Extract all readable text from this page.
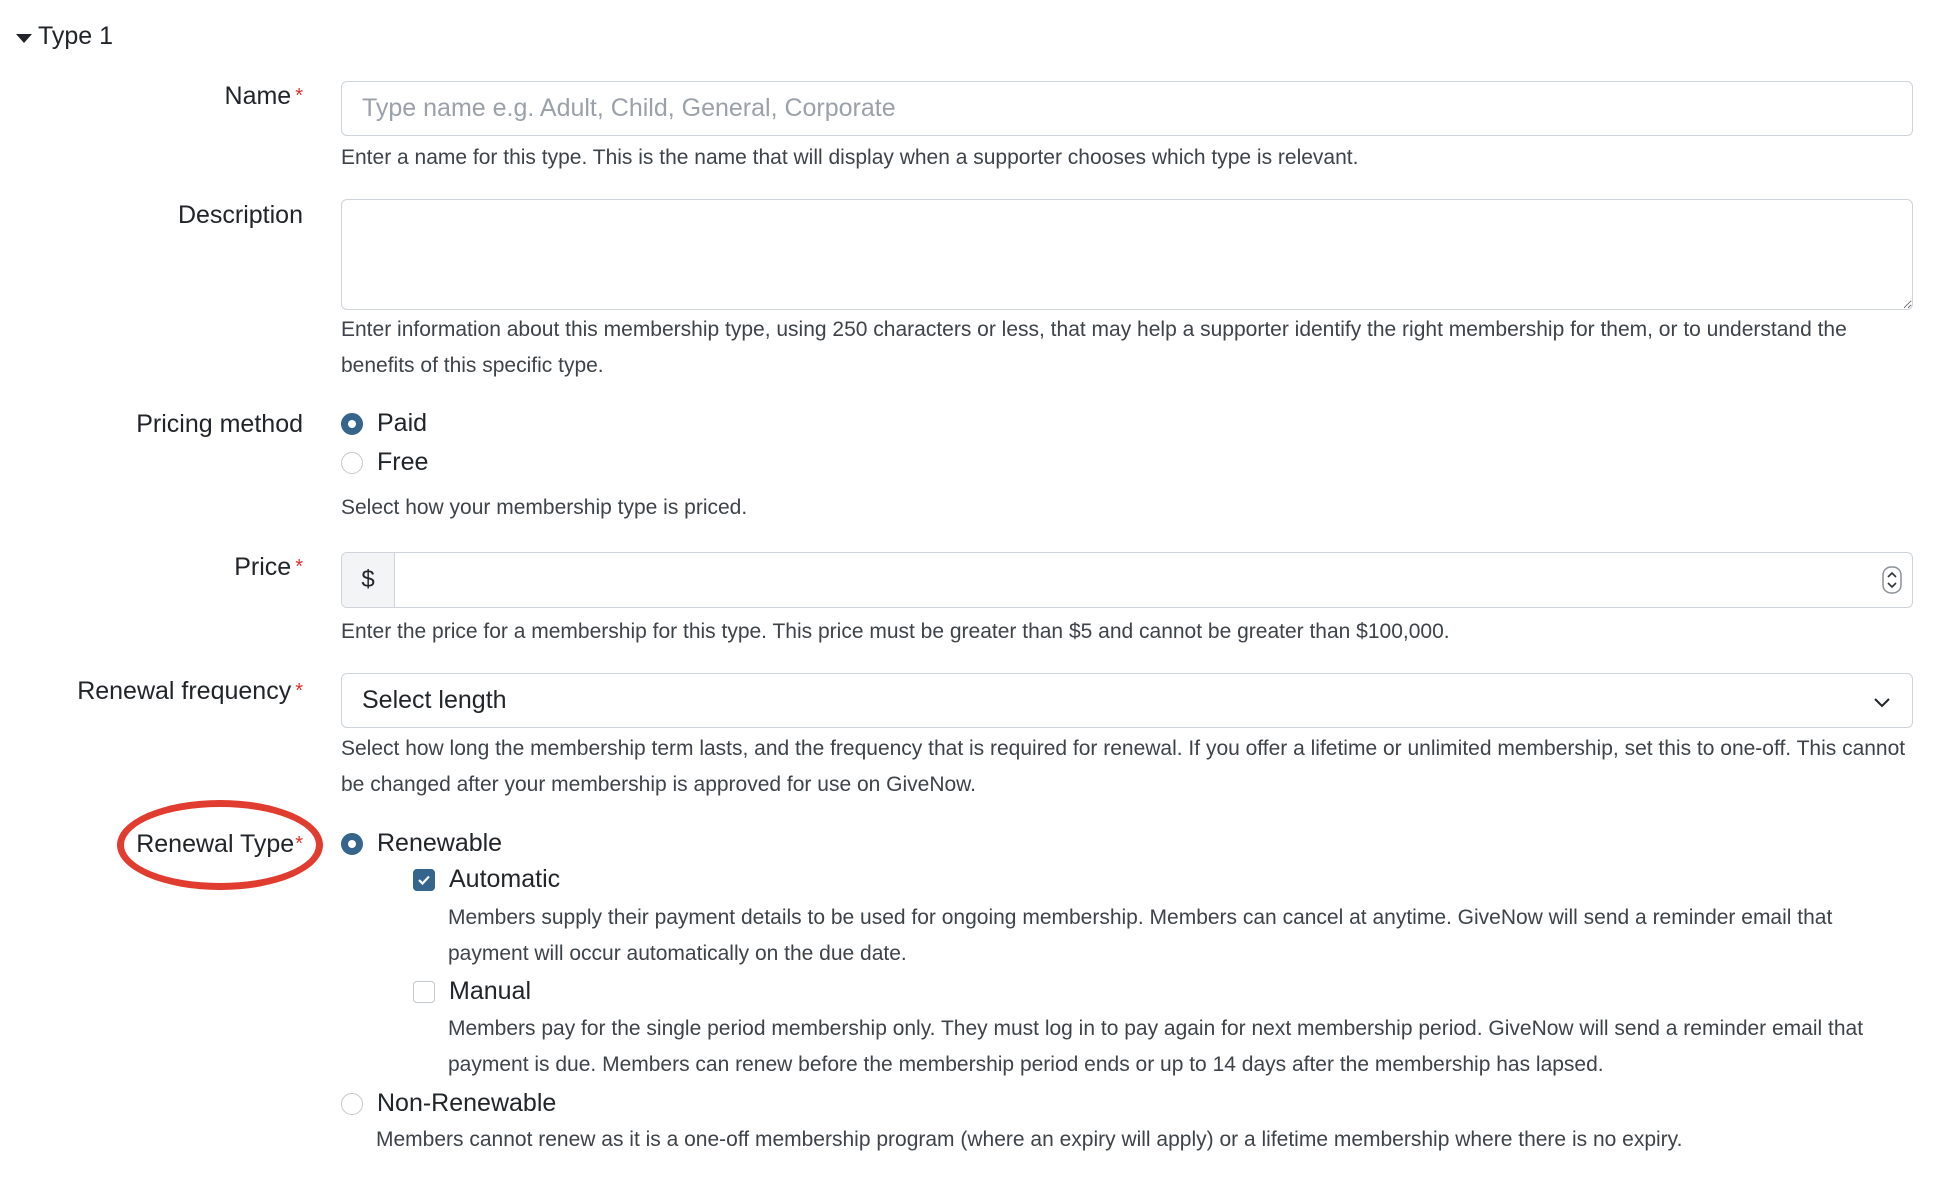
Type 1
Name *
Type name e.g. Adult, Child, General, Corporate
Enter a name for this type. This is the name that will display when a supporter chooses which type is relevant.
Description
Enter information about this membership type, using 250 characters or less, that may help a supporter identify the right membership for them, or to understand the benefits of this specific type.
Pricing method	Paid
Free
Select how your membership type is priced.
Price *	$
Enter the price for a membership for this type. This price must be greater than $5 and cannot be greater than $100,000.
Renewal frequency * Select length
Select how long the membership term lasts, and the frequency that is required for renewal. If you offer a lifetime or unlimited membership, set this to one-off. This cannot be changed after your membership is approved for use on GiveNow.
Renewal Type*	Renewable
Automatic
Members supply their payment details to be used for ongoing membership. Members can cancel at anytime. GiveNow will send a reminder email that payment will occur automatically on the due date.
Manual
Members pay for the single period membership only. They must log in to pay again for next membership period. GiveNow will send a reminder email that payment is due. Members can renew before the membership period ends or up to 14 days after the membership has lapsed.
Non-Renewable
Members cannot renew as it is a one-off membership program (where an expiry will apply) or a lifetime membership where there is no expiry.
